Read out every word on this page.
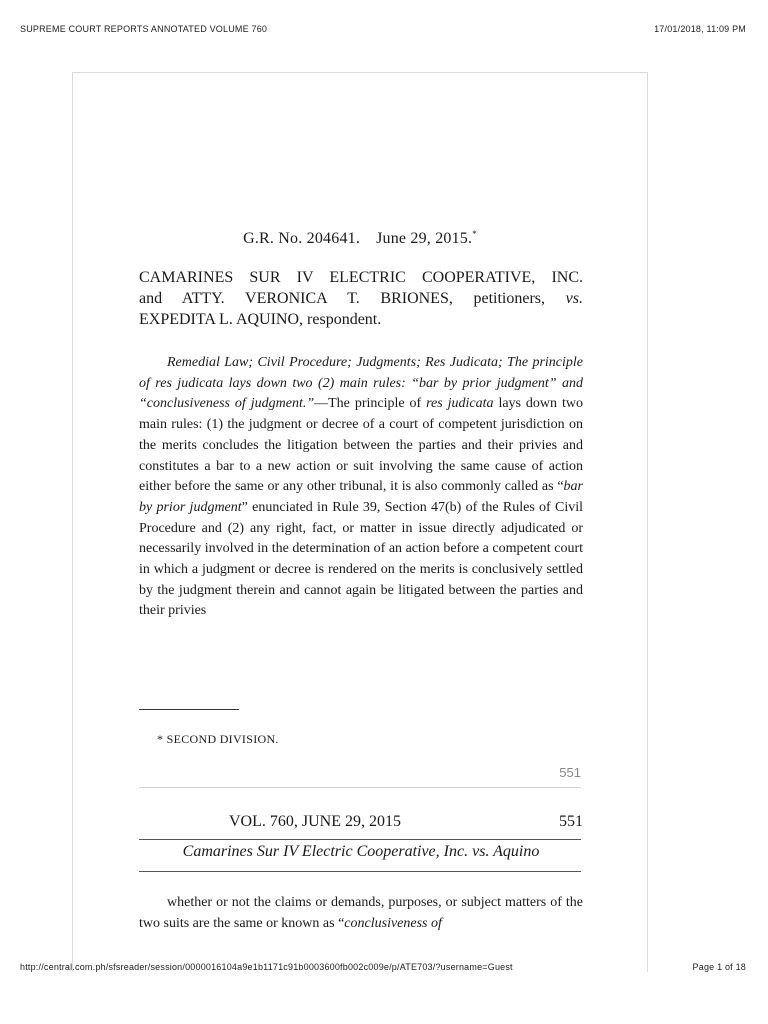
SUPREME COURT REPORTS ANNOTATED VOLUME 760	17/01/2018, 11:09 PM
G.R. No. 204641. June 29, 2015.*
CAMARINES SUR IV ELECTRIC COOPERATIVE, INC.
and ATTY. VERONICA T. BRIONES, petitioners, vs.
EXPEDITA L. AQUINO, respondent.
Remedial Law; Civil Procedure; Judgments; Res Judicata; The principle of res judicata lays down two (2) main rules: “bar by prior judgment” and “conclusiveness of judgment.”—The principle of res judicata lays down two main rules: (1) the judgment or decree of a court of competent jurisdiction on the merits concludes the litigation between the parties and their privies and constitutes a bar to a new action or suit involving the same cause of action either before the same or any other tribunal, it is also commonly called as “bar by prior judgment” enunciated in Rule 39, Section 47(b) of the Rules of Civil Procedure and (2) any right, fact, or matter in issue directly adjudicated or necessarily involved in the determination of an action before a competent court in which a judgment or decree is rendered on the merits is conclusively settled by the judgment therein and cannot again be litigated between the parties and their privies
* SECOND DIVISION.
551
VOL. 760, JUNE 29, 2015	551
Camarines Sur IV Electric Cooperative, Inc. vs. Aquino
whether or not the claims or demands, purposes, or subject matters of the two suits are the same or known as “conclusiveness of
http://central.com.ph/sfsreader/session/0000016104a9e1b1171c91b0003600fb002c009e/p/ATE703/?username=Guest	Page 1 of 18
